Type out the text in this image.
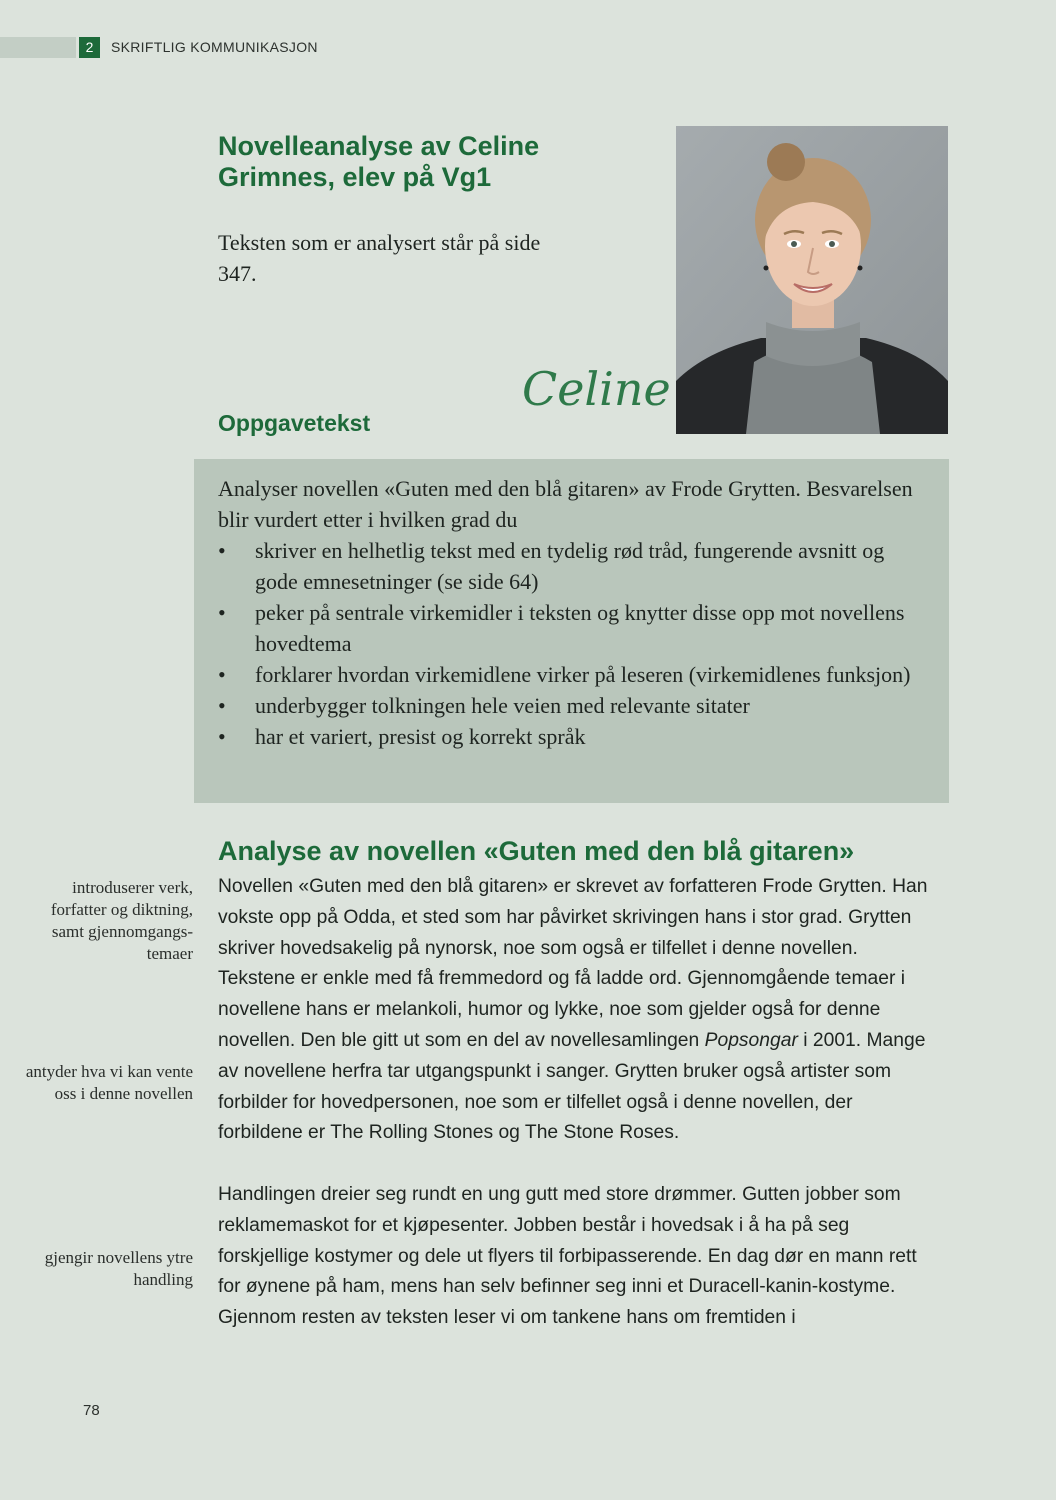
2	SKRIFTLIG KOMMUNIKASJON
Novelleanalyse av Celine Grimnes, elev på Vg1
Teksten som er analysert står på side 347.
Celine
Oppgavetekst
Analyser novellen «Guten med den blå gitaren» av Frode Grytten. Besvarelsen blir vurdert etter i hvilken grad du
• skriver en helhetlig tekst med en tydelig rød tråd, fungerende avsnitt og gode emnesetninger (se side 64)
• peker på sentrale virkemidler i teksten og knytter disse opp mot novellens hovedtema
• forklarer hvordan virkemidlene virker på leseren (virkemidlenes funksjon)
• underbygger tolkningen hele veien med relevante sitater
• har et variert, presist og korrekt språk
Analyse av novellen «Guten med den blå gitaren»
Novellen «Guten med den blå gitaren» er skrevet av forfatteren Frode Grytten. Han vokste opp på Odda, et sted som har påvirket skrivingen hans i stor grad. Grytten skriver hovedsakelig på nynorsk, noe som også er tilfellet i denne novellen. Tekstene er enkle med få fremmedord og få ladde ord. Gjennomgående temaer i novellene hans er melankoli, humor og lykke, noe som gjelder også for denne novellen. Den ble gitt ut som en del av novellesamlingen Popsongar i 2001. Mange av novellene herfra tar utgangspunkt i sanger. Grytten bruker også artister som forbilder for hovedpersonen, noe som er tilfellet også i denne novellen, der forbildene er The Rolling Stones og The Stone Roses.
Handlingen dreier seg rundt en ung gutt med store drømmer. Gutten jobber som reklamemaskot for et kjøpesenter. Jobben består i hovedsak i å ha på seg forskjellige kostymer og dele ut flyers til forbipasserende. En dag dør en mann rett for øynene på ham, mens han selv befinner seg inni et Duracell-kanin-kostyme. Gjennom resten av teksten leser vi om tankene hans om fremtiden i
introduserer verk, forfatter og diktning, samt gjennomgangs-temaer
antyder hva vi kan vente oss i denne novellen
gjengir novellens ytre handling
78
